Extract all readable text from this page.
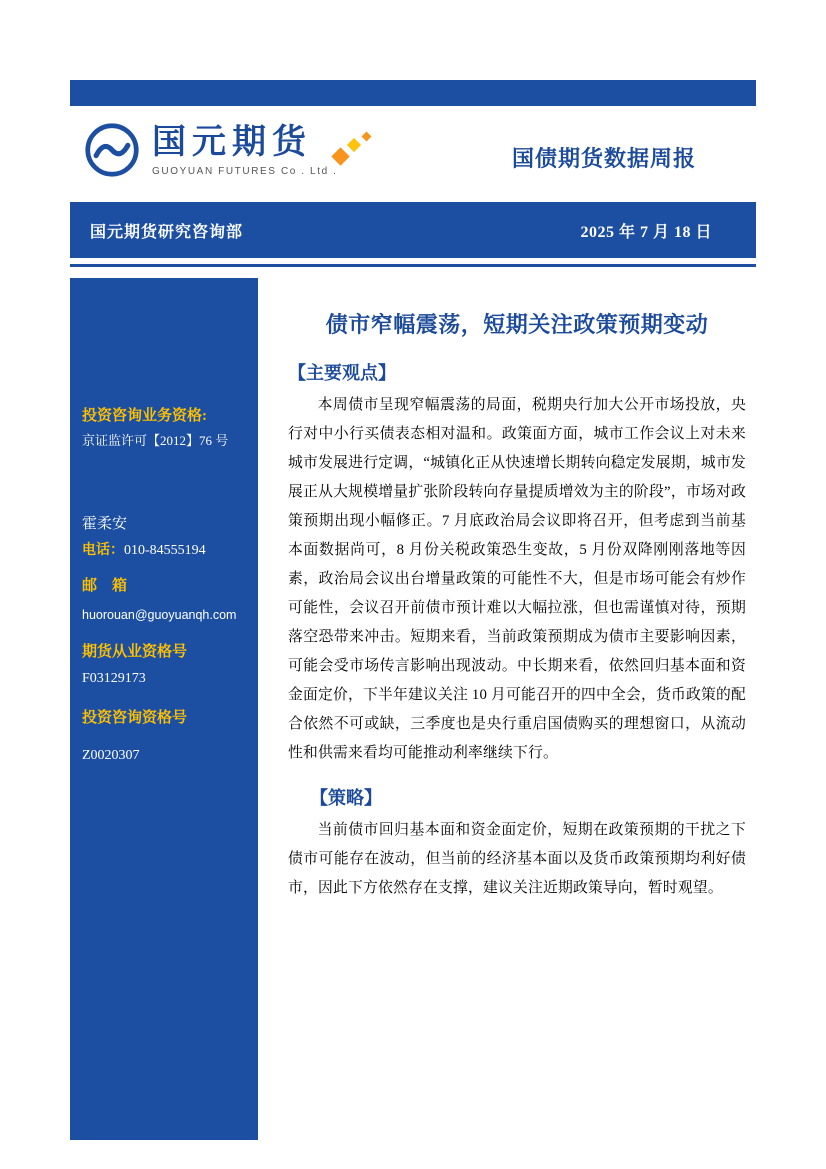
国元期货
GUOYUAN FUTURES Co . Ltd .	国债期货数据周报
国元期货研究咨询部	2025 年 7 月 18 日
投资咨询业务资格:
京证监许可【2012】76 号
霍柔安
电话：010-84555194
邮　箱
huorouan@guoyuanqh.com
期货从业资格号
F03129173
投资咨询资格号
Z0020307
债市窄幅震荡，短期关注政策预期变动
【主要观点】

本周债市呈现窄幅震荡的局面，税期央行加大公开市场投放，央行对中小行买债表态相对温和。政策面方面，城市工作会议上对未来城市发展进行定调，“城镇化正从快速增长期转向稳定发展期，城市发展正从大规模增量扩张阶段转向存量提质增效为主的阶段”，市场对政策预期出现小幅修正。7 月底政治局会议即将召开，但考虑到当前基本面数据尚可，8 月份关税政策恐生变故，5 月份双降刚刚落地等因素，政治局会议出台增量政策的可能性不大，但是市场可能会有炒作可能性，会议召开前债市预计难以大幅拉涨，但也需谨慎对待，预期落空恐带来冲击。短期来看，当前政策预期成为债市主要影响因素，可能会受市场传言影响出现波动。中长期来看，依然回归基本面和资金面定价，下半年建议关注 10 月可能召开的四中全会，货币政策的配合依然不可或缺，三季度也是央行重启国债购买的理想窗口，从流动性和供需来看均可能推动利率继续下行。

【策略】

当前债市回归基本面和资金面定价，短期在政策预期的干扰之下债市可能存在波动，但当前的经济基本面以及货币政策预期均利好债市，因此下方依然存在支撑，建议关注近期政策导向，暂时观望。
